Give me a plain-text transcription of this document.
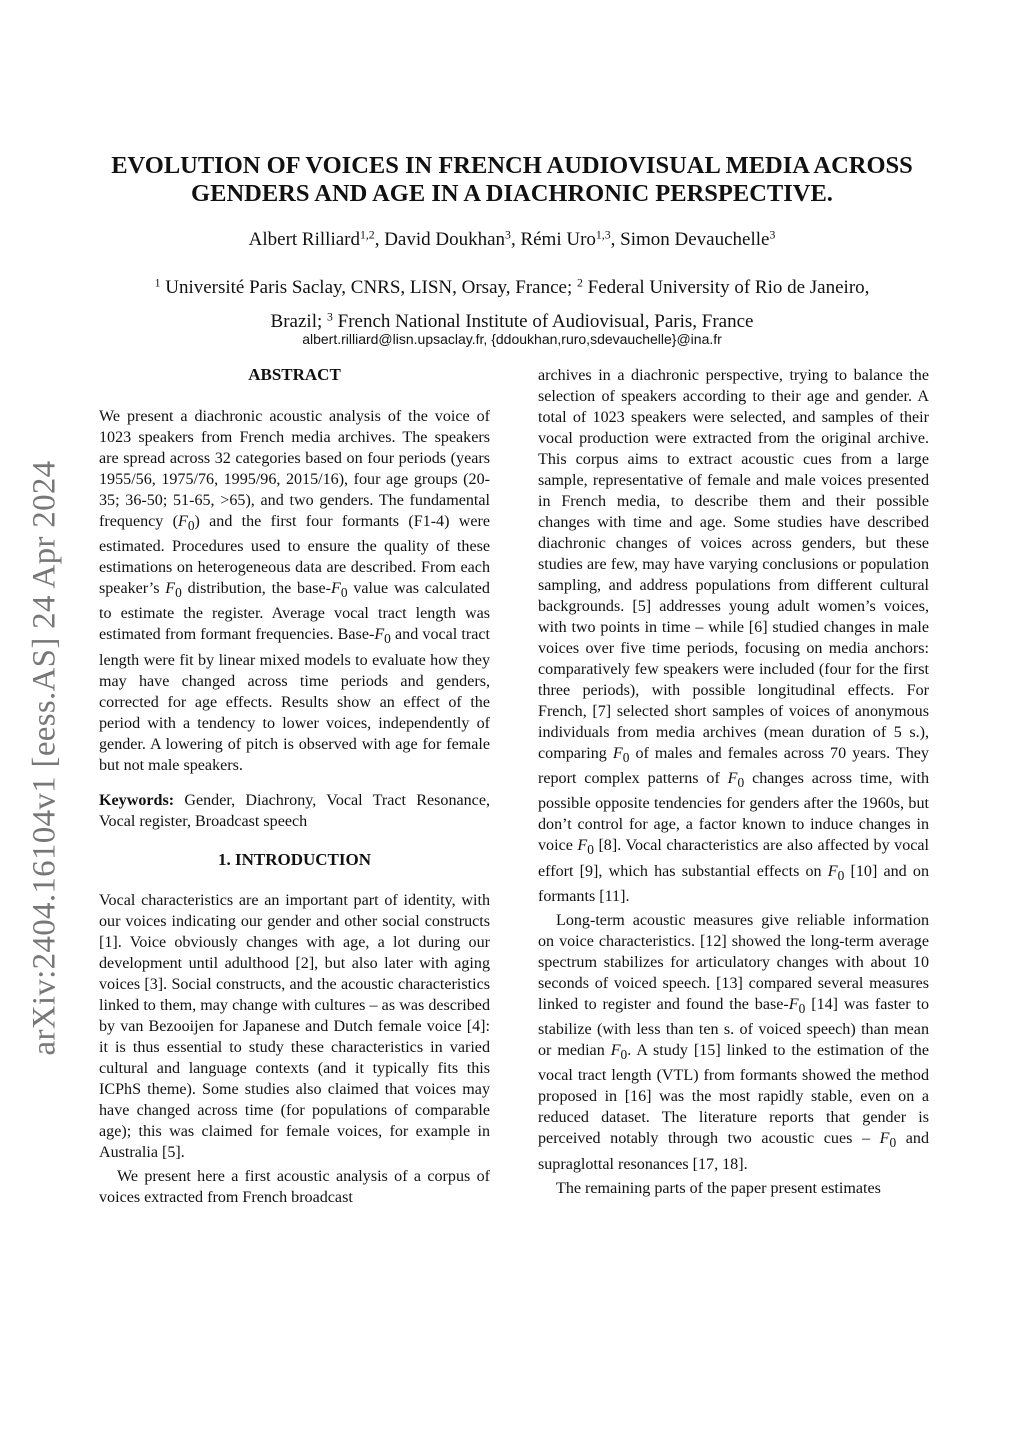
arXiv:2404.16104v1 [eess.AS] 24 Apr 2024
EVOLUTION OF VOICES IN FRENCH AUDIOVISUAL MEDIA ACROSS
GENDERS AND AGE IN A DIACHRONIC PERSPECTIVE.
Albert Rilliard$^{1,2}$, David Doukhan$^3$, Rémi Uro$^{1,3}$, Simon Devauchelle$^3$
$^1$ Université Paris Saclay, CNRS, LISN, Orsay, France; $^2$ Federal University of Rio de Janeiro,
Brazil; $^3$ French National Institute of Audiovisual, Paris, France
albert.rilliard@lisn.upsaclay.fr, {ddoukhan,ruro,sdevauchelle}@ina.fr
ABSTRACT

We present a diachronic acoustic analysis of the voice of 1023 speakers from French media archives. The speakers are spread across 32 categories based on four periods (years 1955/56, 1975/76, 1995/96, 2015/16), four age groups (20-35; 36-50; 51-65, >65), and two genders. The fundamental frequency $(F_0)$ and the first four formants (F1-4) were estimated. Procedures used to ensure the quality of these estimations on heterogeneous data are described. From each speaker’s $F_0$ distribution, the base-$F_0$ value was calculated to estimate the register. Average vocal tract length was estimated from formant frequencies. Base-$F_0$ and vocal tract length were fit by linear mixed models to evaluate how they may have changed across time periods and genders, corrected for age effects. Results show an effect of the period with a tendency to lower voices, independently of gender. A lowering of pitch is observed with age for female but not male speakers.

Keywords: Gender, Diachrony, Vocal Tract Resonance, Vocal register, Broadcast speech

1. INTRODUCTION

Vocal characteristics are an important part of identity, with our voices indicating our gender and other social constructs [1]. Voice obviously changes with age, a lot during our development until adulthood [2], but also later with aging voices [3]. Social constructs, and the acoustic characteristics linked to them, may change with cultures – as was described by van Bezooijen for Japanese and Dutch female voice [4]: it is thus essential to study these characteristics in varied cultural and language contexts (and it typically fits this ICPhS theme). Some studies also claimed that voices may have changed across time (for populations of comparable age); this was claimed for female voices, for example in Australia [5].

We present here a first acoustic analysis of a corpus of voices extracted from French broadcast

archives in a diachronic perspective, trying to balance the selection of speakers according to their age and gender. A total of 1023 speakers were selected, and samples of their vocal production were extracted from the original archive. This corpus aims to extract acoustic cues from a large sample, representative of female and male voices presented in French media, to describe them and their possible changes with time and age. Some studies have described diachronic changes of voices across genders, but these studies are few, may have varying conclusions or population sampling, and address populations from different cultural backgrounds. [5] addresses young adult women’s voices, with two points in time – while [6] studied changes in male voices over five time periods, focusing on media anchors: comparatively few speakers were included (four for the first three periods), with possible longitudinal effects. For French, [7] selected short samples of voices of anonymous individuals from media archives (mean duration of 5 s.), comparing $F_0$ of males and females across 70 years. They report complex patterns of $F_0$ changes across time, with possible opposite tendencies for genders after the 1960s, but don’t control for age, a factor known to induce changes in voice $F_0$ [8]. Vocal characteristics are also affected by vocal effort [9], which has substantial effects on $F_0$ [10] and on formants [11].

Long-term acoustic measures give reliable information on voice characteristics. [12] showed the long-term average spectrum stabilizes for articulatory changes with about 10 seconds of voiced speech. [13] compared several measures linked to register and found the base-$F_0$ [14] was faster to stabilize (with less than ten s. of voiced speech) than mean or median $F_0$. A study [15] linked to the estimation of the vocal tract length (VTL) from formants showed the method proposed in [16] was the most rapidly stable, even on a reduced dataset. The literature reports that gender is perceived notably through two acoustic cues – $F_0$ and supraglottal resonances [17, 18].

The remaining parts of the paper present estimates
